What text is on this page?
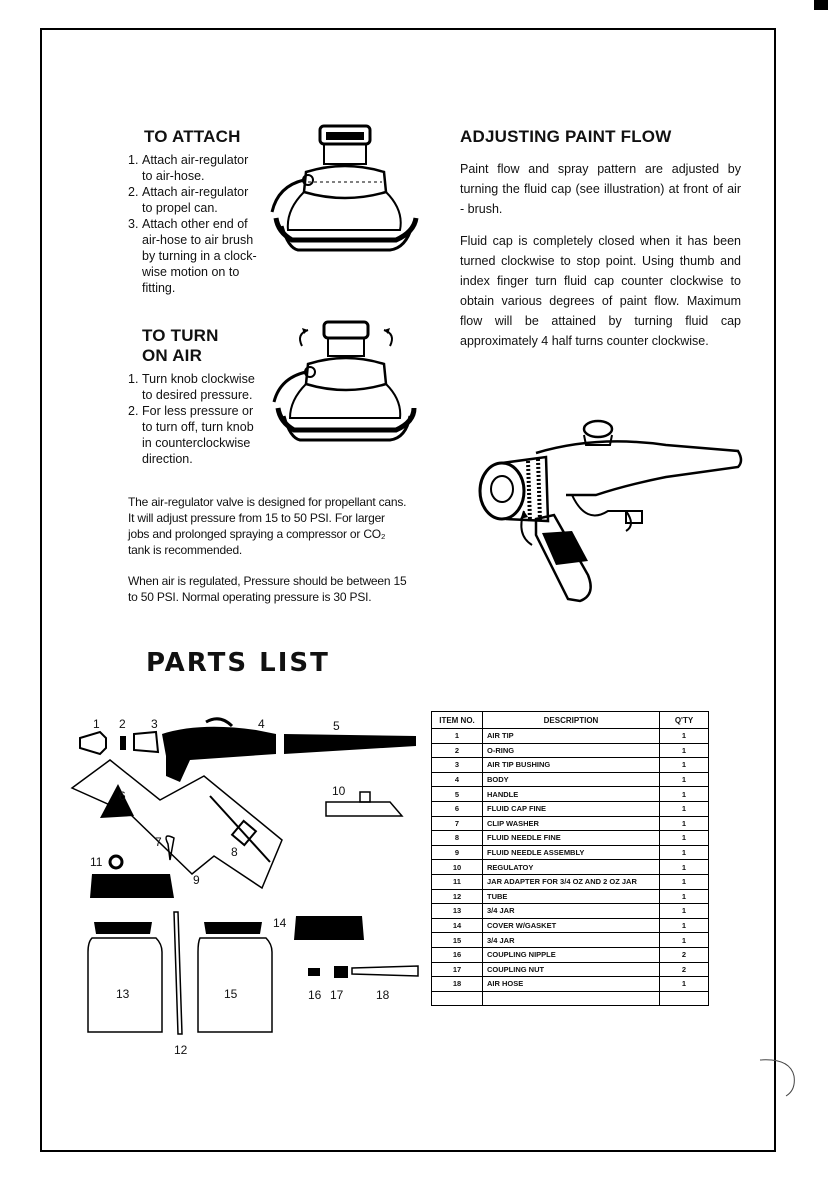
TO ATTACH
1. Attach air-regulator to air-hose.
2. Attach air-regulator to propel can.
3. Attach other end of air-hose to air brush by turning in a clock-wise motion on to fitting.
TO TURN
ON AIR
1. Turn knob clockwise to desired pressure.
2. For less pressure or to turn off, turn knob in counterclockwise direction.

The air-regulator valve is designed for propellant cans. It will adjust pressure from 15 to 50 PSI. For larger jobs and prolonged spraying a compressor or CO₂ tank is recommended.

When air is regulated, Pressure should be between 15 to 50 PSI. Normal operating pressure is 30 PSI.

ADJUSTING PAINT FLOW

Paint flow and spray pattern are adjusted by turning the fluid cap (see illustration) at front of air - brush.

Fluid cap is completely closed when it has been turned clockwise to stop point. Using thumb and index finger turn fluid cap counter clockwise to obtain various degrees of paint flow. Maximum flow will be attained by turning fluid cap approximately 4 half turns counter clockwise.

PARTS LIST
1 2 3	4	5
6
7
8
9
10
11
12
13
14
15	16 17	18
ITEM NO.	DESCRIPTION	Q'TY
1	AIR TIP	1
2	O-RING	1
3	AIR TIP BUSHING	1
4	BODY	1
5	HANDLE	1
6	FLUID CAP FINE	1
7	CLIP WASHER	1
8	FLUID NEEDLE FINE	1
9	FLUID NEEDLE ASSEMBLY	1
10	REGULATOY	1
11	JAR ADAPTER FOR 3/4 OZ AND 2 OZ JAR	1
12	TUBE	1
13	3/4 JAR	1
14	COVER W/GASKET	1
15	3/4 JAR	1
16	COUPLING NIPPLE	2
17	COUPLING NUT	2
18	AIR HOSE	1
